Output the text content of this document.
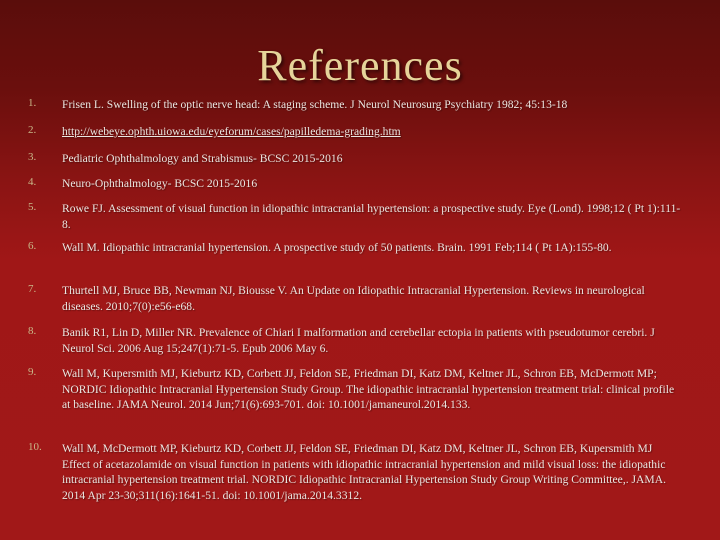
References
1.	Frisen L. Swelling of the optic nerve head: A staging scheme. J Neurol Neurosurg Psychiatry 1982; 45:13-18
2.	http://webeye.ophth.uiowa.edu/eyeforum/cases/papilledema-grading.htm
3.	Pediatric Ophthalmology and Strabismus- BCSC 2015-2016
4.	Neuro-Ophthalmology- BCSC 2015-2016
5.	Rowe FJ. Assessment of visual function in idiopathic intracranial hypertension: a prospective study. Eye (Lond). 1998;12 ( Pt 1):111-8.
6.	Wall M. Idiopathic intracranial hypertension. A prospective study of 50 patients. Brain. 1991 Feb;114 ( Pt 1A):155-80.
7.	Thurtell MJ, Bruce BB, Newman NJ, Biousse V. An Update on Idiopathic Intracranial Hypertension. Reviews in neurological diseases. 2010;7(0):e56-e68.
8.	Banik R1, Lin D, Miller NR. Prevalence of Chiari I malformation and cerebellar ectopia in patients with pseudotumor cerebri. J Neurol Sci. 2006 Aug 15;247(1):71-5. Epub 2006 May 6.
9.	Wall M, Kupersmith MJ, Kieburtz KD, Corbett JJ, Feldon SE, Friedman DI, Katz DM, Keltner JL, Schron EB, McDermott MP; NORDIC Idiopathic Intracranial Hypertension Study Group. The idiopathic intracranial hypertension treatment trial: clinical profile at baseline. JAMA Neurol. 2014 Jun;71(6):693-701. doi: 10.1001/jamaneurol.2014.133.
10.	Wall M, McDermott MP, Kieburtz KD, Corbett JJ, Feldon SE, Friedman DI, Katz DM, Keltner JL, Schron EB, Kupersmith MJ Effect of acetazolamide on visual function in patients with idiopathic intracranial hypertension and mild visual loss: the idiopathic intracranial hypertension treatment trial. NORDIC Idiopathic Intracranial Hypertension Study Group Writing Committee,. JAMA. 2014 Apr 23-30;311(16):1641-51. doi: 10.1001/jama.2014.3312.
